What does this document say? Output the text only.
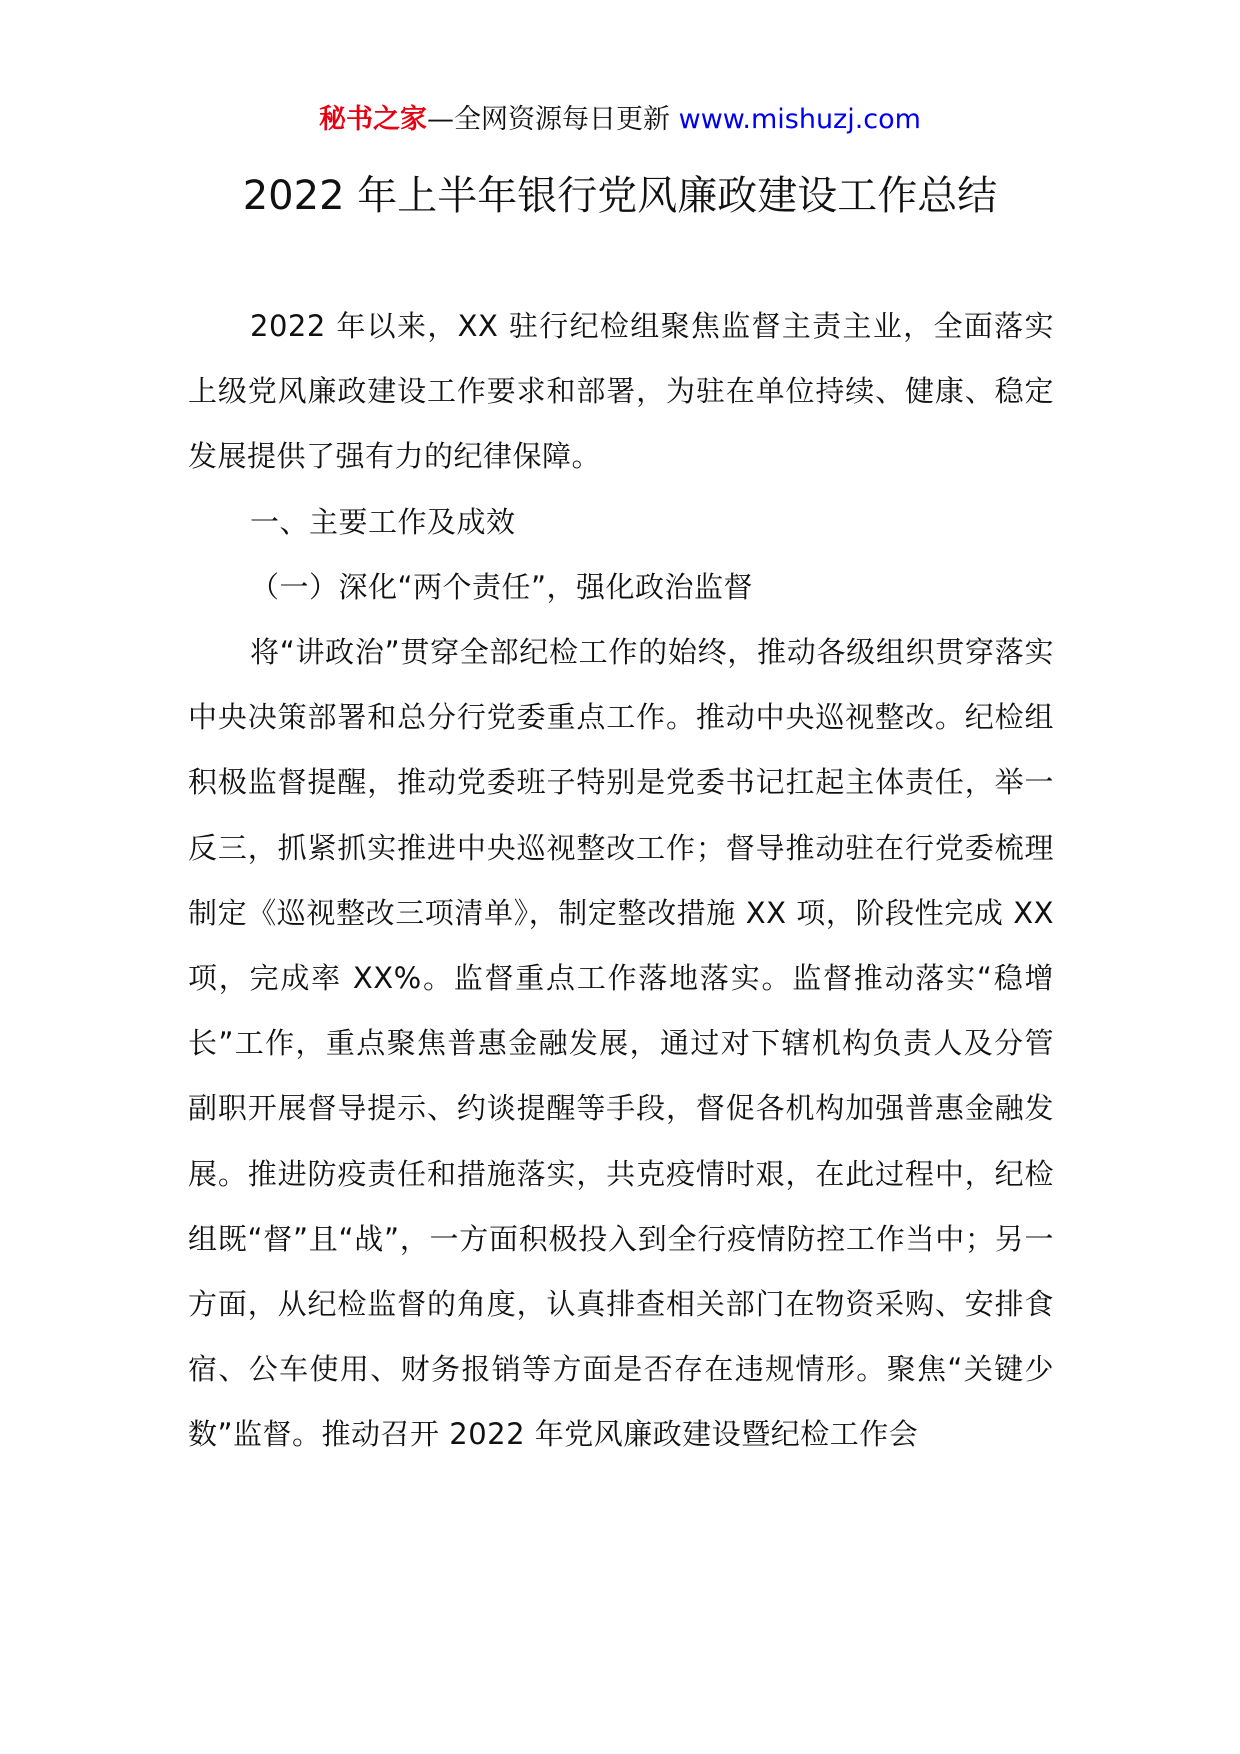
秘书之家—全网资源每日更新 www.mishuzj.com
2022 年上半年银行党风廉政建设工作总结

2022 年以来，XX 驻行纪检组聚焦监督主责主业，全面落实上级党风廉政建设工作要求和部署，为驻在单位持续、健康、稳定发展提供了强有力的纪律保障。

一、主要工作及成效

（一）深化“两个责任”，强化政治监督

将“讲政治”贯穿全部纪检工作的始终，推动各级组织贯穿落实中央决策部署和总分行党委重点工作。推动中央巡视整改。纪检组积极监督提醒，推动党委班子特别是党委书记扛起主体责任，举一反三，抓紧抓实推进中央巡视整改工作；督导推动驻在行党委梳理制定《巡视整改三项清单》，制定整改措施 XX 项，阶段性完成 XX 项，完成率 XX%。监督重点工作落地落实。监督推动落实“稳增长”工作，重点聚焦普惠金融发展，通过对下辖机构负责人及分管副职开展督导提示、约谈提醒等手段，督促各机构加强普惠金融发展。推进防疫责任和措施落实，共克疫情时艰，在此过程中，纪检组既“督”且“战”，一方面积极投入到全行疫情防控工作当中；另一方面，从纪检监督的角度，认真排查相关部门在物资采购、安排食宿、公车使用、财务报销等方面是否存在违规情形。聚焦“关键少数”监督。推动召开 2022 年党风廉政建设暨纪检工作会
